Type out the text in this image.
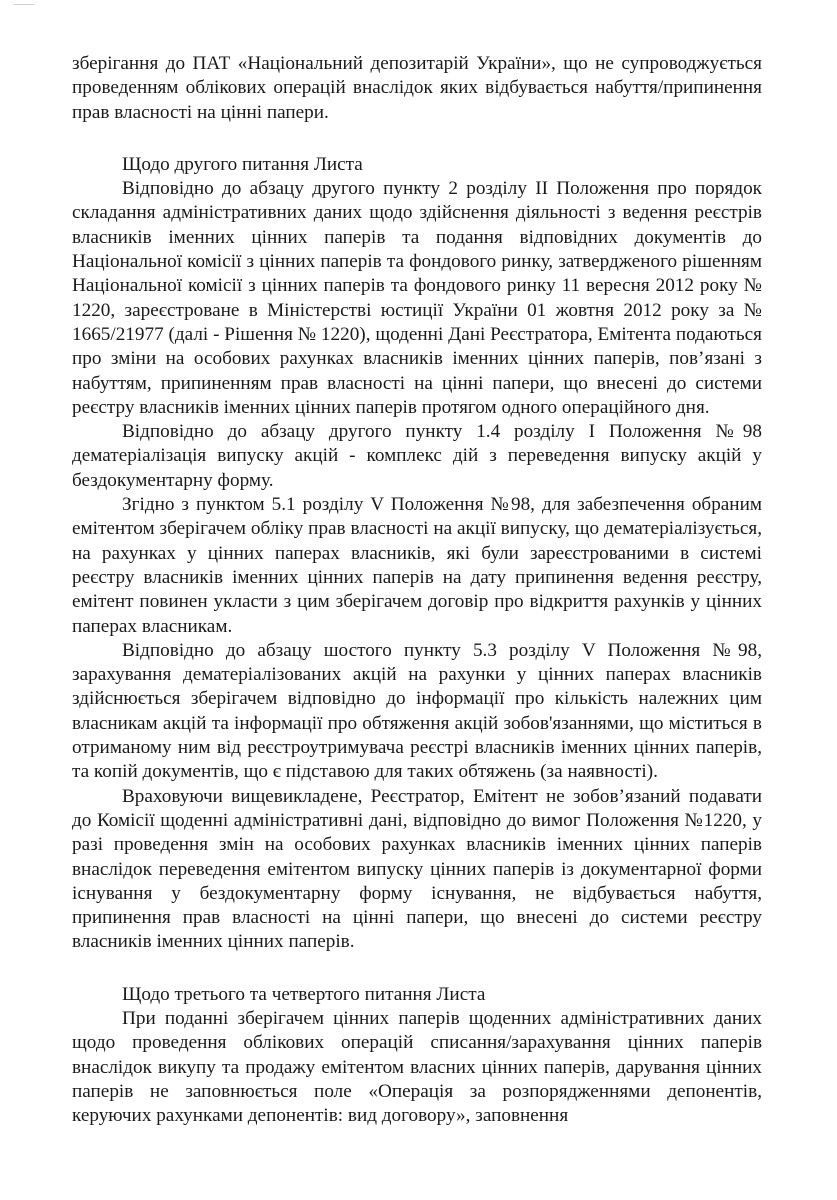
зберігання до ПАТ «Національний депозитарій України», що не супроводжується проведенням облікових операцій внаслідок яких відбувається набуття/припинення прав власності на цінні папери.

Щодо другого питання Листа

Відповідно до абзацу другого пункту 2 розділу ІІ Положення про порядок складання адміністративних даних щодо здійснення діяльності з ведення реєстрів власників іменних цінних паперів та подання відповідних документів до Національної комісії з цінних паперів та фондового ринку, затвердженого рішенням Національної комісії з цінних паперів та фондового ринку 11 вересня 2012 року № 1220, зареєстроване в Міністерстві юстиції України 01 жовтня 2012 року за № 1665/21977 (далі - Рішення № 1220), щоденні Дані Реєстратора, Емітента подаються про зміни на особових рахунках власників іменних цінних паперів, пов’язані з набуттям, припиненням прав власності на цінні папери, що внесені до системи реєстру власників іменних цінних паперів протягом одного операційного дня.

Відповідно до абзацу другого пункту 1.4 розділу I Положення №98 дематеріалізація випуску акцій - комплекс дій з переведення випуску акцій у бездокументарну форму.

Згідно з пунктом 5.1 розділу V Положення №98, для забезпечення обраним емітентом зберігачем обліку прав власності на акції випуску, що дематеріалізується, на рахунках у цінних паперах власників, які були зареєстрованими в системі реєстру власників іменних цінних паперів на дату припинення ведення реєстру, емітент повинен укласти з цим зберігачем договір про відкриття рахунків у цінних паперах власникам.

Відповідно до абзацу шостого пункту 5.3 розділу V Положення №98, зарахування дематеріалізованих акцій на рахунки у цінних паперах власників здійснюється зберігачем відповідно до інформації про кількість належних цим власникам акцій та інформації про обтяження акцій зобов'язаннями, що міститься в отриманому ним від реєстроутримувача реєстрі власників іменних цінних паперів, та копій документів, що є підставою для таких обтяжень (за наявності).

Враховуючи вищевикладене, Реєстратор, Емітент не зобов’язаний подавати до Комісії щоденні адміністративні дані, відповідно до вимог Положення №1220, у разі проведення змін на особових рахунках власників іменних цінних паперів внаслідок переведення емітентом випуску цінних паперів із документарної форми існування у бездокументарну форму існування, не відбувається набуття, припинення прав власності на цінні папери, що внесені до системи реєстру власників іменних цінних паперів.

Щодо третього та четвертого питання Листа

При поданні зберігачем цінних паперів щоденних адміністративних даних щодо проведення облікових операцій списання/зарахування цінних паперів внаслідок викупу та продажу емітентом власних цінних паперів, дарування цінних паперів не заповнюється поле «Операція за розпорядженнями депонентів, керуючих рахунками депонентів: вид договору», заповнення
